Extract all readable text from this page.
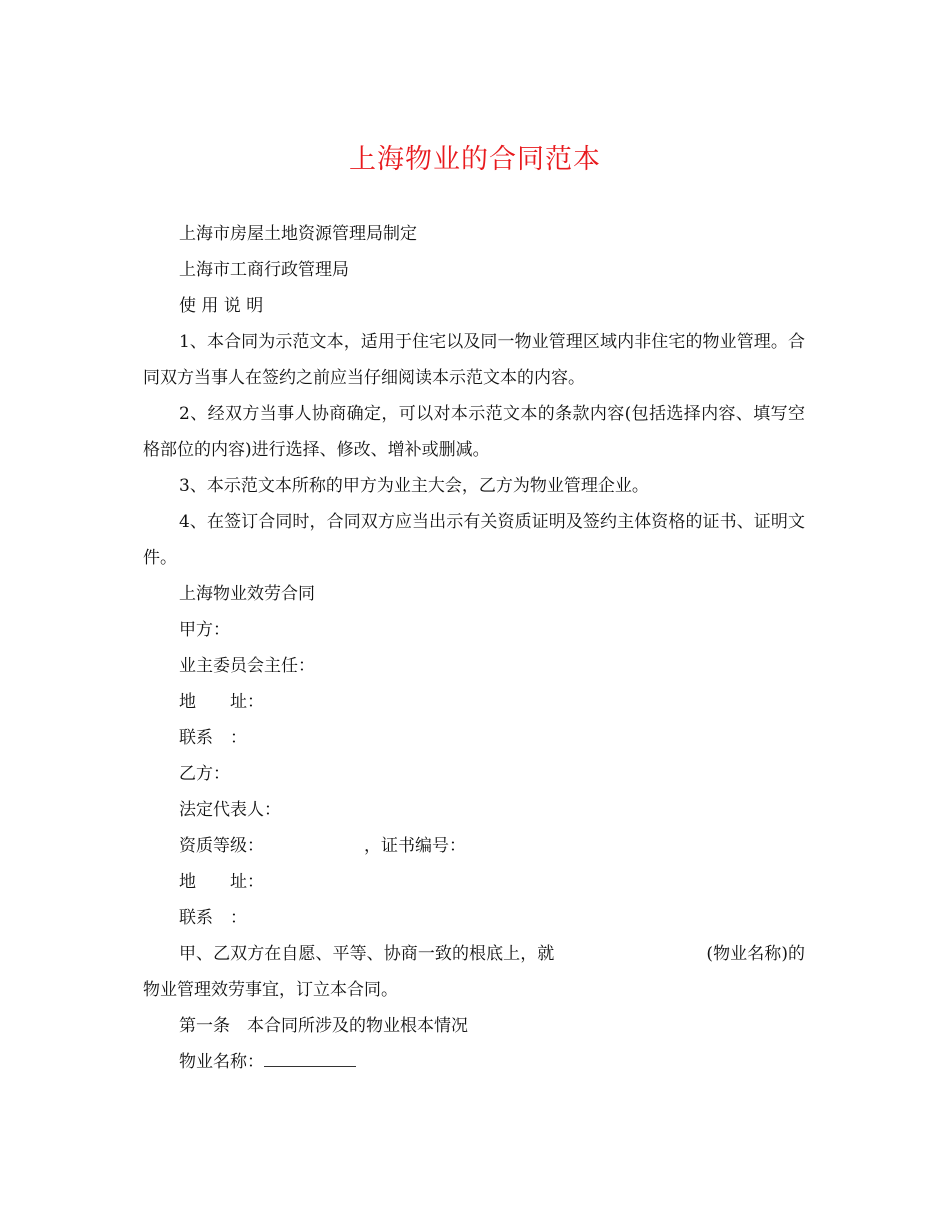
上海物业的合同范本

上海市房屋土地资源管理局制定

上海市工商行政管理局

使 用 说 明

1、本合同为示范文本，适用于住宅以及同一物业管理区域内非住宅的物业管理。合同双方当事人在签约之前应当仔细阅读本示范文本的内容。

2、经双方当事人协商确定，可以对本示范文本的条款内容(包括选择内容、填写空格部位的内容)进行选择、修改、增补或删减。

3、本示范文本所称的甲方为业主大会，乙方为物业管理企业。

4、在签订合同时，合同双方应当出示有关资质证明及签约主体资格的证书、证明文件。

上海物业效劳合同

甲方：

业主委员会主任：

地　　址：

联系　：

乙方：

法定代表人：

资质等级：	，证书编号：

地　　址：

联系　：

甲、乙双方在自愿、平等、协商一致的根底上，就	(物业名称)的物业管理效劳事宜，订立本合同。

第一条　本合同所涉及的物业根本情况

物业名称：
